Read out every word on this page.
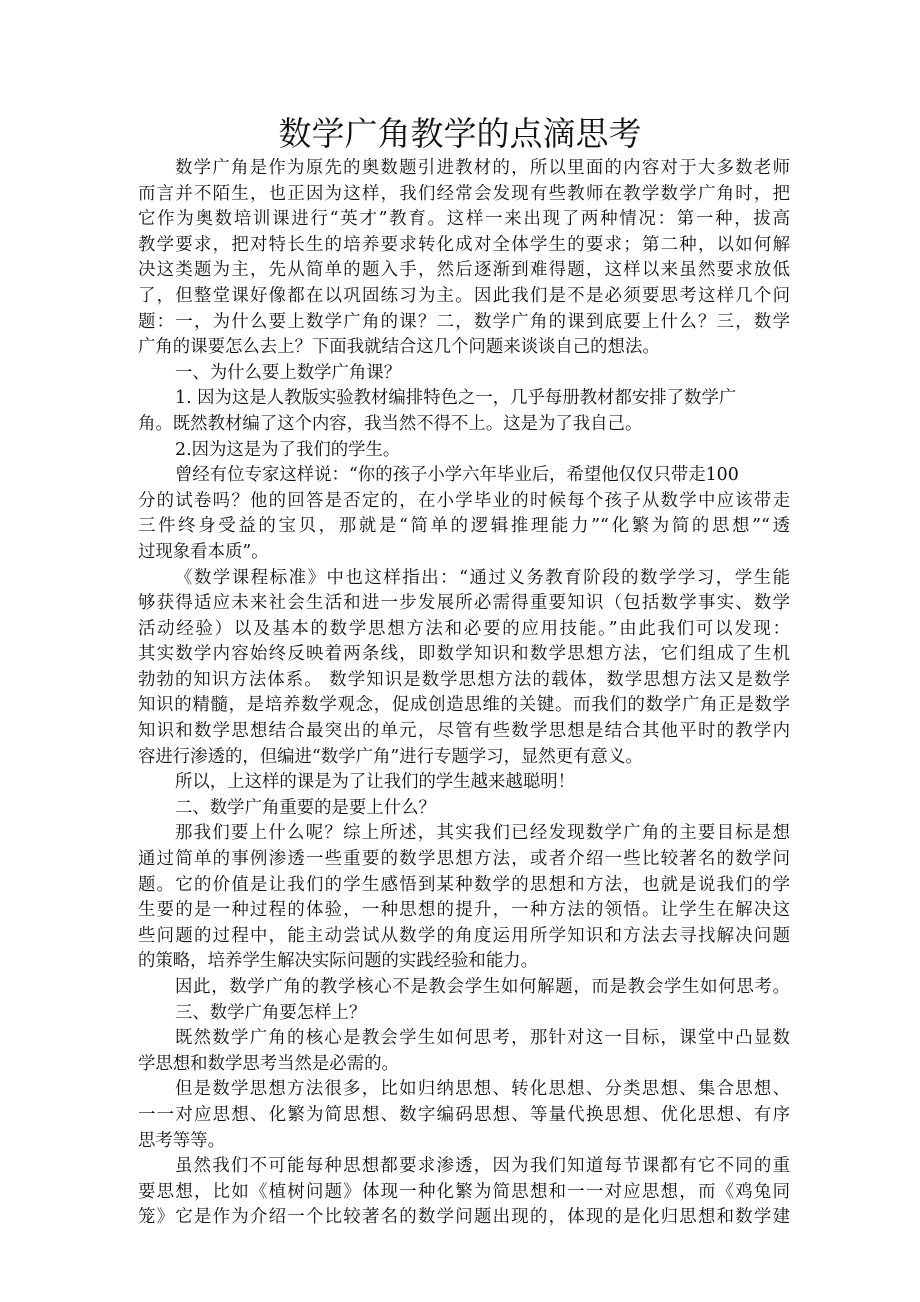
数学广角教学的点滴思考
数学广角是作为原先的奥数题引进教材的，所以里面的内容对于大多数老师
而言并不陌生，也正因为这样，我们经常会发现有些教师在教学数学广角时，把
它作为奥数培训课进行“英才”教育。这样一来出现了两种情况：第一种，拔高
教学要求，把对特长生的培养要求转化成对全体学生的要求；第二种，以如何解
决这类题为主，先从简单的题入手，然后逐渐到难得题，这样以来虽然要求放低
了，但整堂课好像都在以巩固练习为主。因此我们是不是必须要思考这样几个问
题：一，为什么要上数学广角的课？二，数学广角的课到底要上什么？三，数学
广角的课要怎么去上？下面我就结合这几个问题来谈谈自己的想法。
一、为什么要上数学广角课？
1. 因为这是人教版实验教材编排特色之一，几乎每册教材都安排了数学广
角。既然教材编了这个内容，我当然不得不上。这是为了我自己。
2.因为这是为了我们的学生。
曾经有位专家这样说：“你的孩子小学六年毕业后，希望他仅仅只带走100
分的试卷吗？他的回答是否定的，在小学毕业的时候每个孩子从数学中应该带走
三件终身受益的宝贝，那就是“简单的逻辑推理能力”“化繁为简的思想”“透
过现象看本质”。
《数学课程标准》中也这样指出：“通过义务教育阶段的数学学习，学生能
够获得适应未来社会生活和进一步发展所必需得重要知识（包括数学事实、数学
活动经验）以及基本的数学思想方法和必要的应用技能。”由此我们可以发现：
其实数学内容始终反映着两条线，即数学知识和数学思想方法，它们组成了生机
勃勃的知识方法体系。 数学知识是数学思想方法的载体，数学思想方法又是数学
知识的精髓，是培养数学观念，促成创造思维的关键。而我们的数学广角正是数学
知识和数学思想结合最突出的单元，尽管有些数学思想是结合其他平时的教学内
容进行渗透的，但编进“数学广角”进行专题学习，显然更有意义。
所以，上这样的课是为了让我们的学生越来越聪明！
二、数学广角重要的是要上什么？
那我们要上什么呢？综上所述，其实我们已经发现数学广角的主要目标是想
通过简单的事例渗透一些重要的数学思想方法，或者介绍一些比较著名的数学问
题。它的价值是让我们的学生感悟到某种数学的思想和方法，也就是说我们的学
生要的是一种过程的体验，一种思想的提升，一种方法的领悟。让学生在解决这
些问题的过程中，能主动尝试从数学的角度运用所学知识和方法去寻找解决问题
的策略，培养学生解决实际问题的实践经验和能力。
因此，数学广角的教学核心不是教会学生如何解题，而是教会学生如何思考。
三、数学广角要怎样上？
既然数学广角的核心是教会学生如何思考，那针对这一目标，课堂中凸显数
学思想和数学思考当然是必需的。
但是数学思想方法很多，比如归纳思想、转化思想、分类思想、集合思想、
一一对应思想、化繁为简思想、数字编码思想、等量代换思想、优化思想、有序
思考等等。
虽然我们不可能每种思想都要求渗透，因为我们知道每节课都有它不同的重
要思想，比如《植树问题》体现一种化繁为简思想和一一对应思想，而《鸡兔同
笼》它是作为介绍一个比较著名的数学问题出现的，体现的是化归思想和数学建
